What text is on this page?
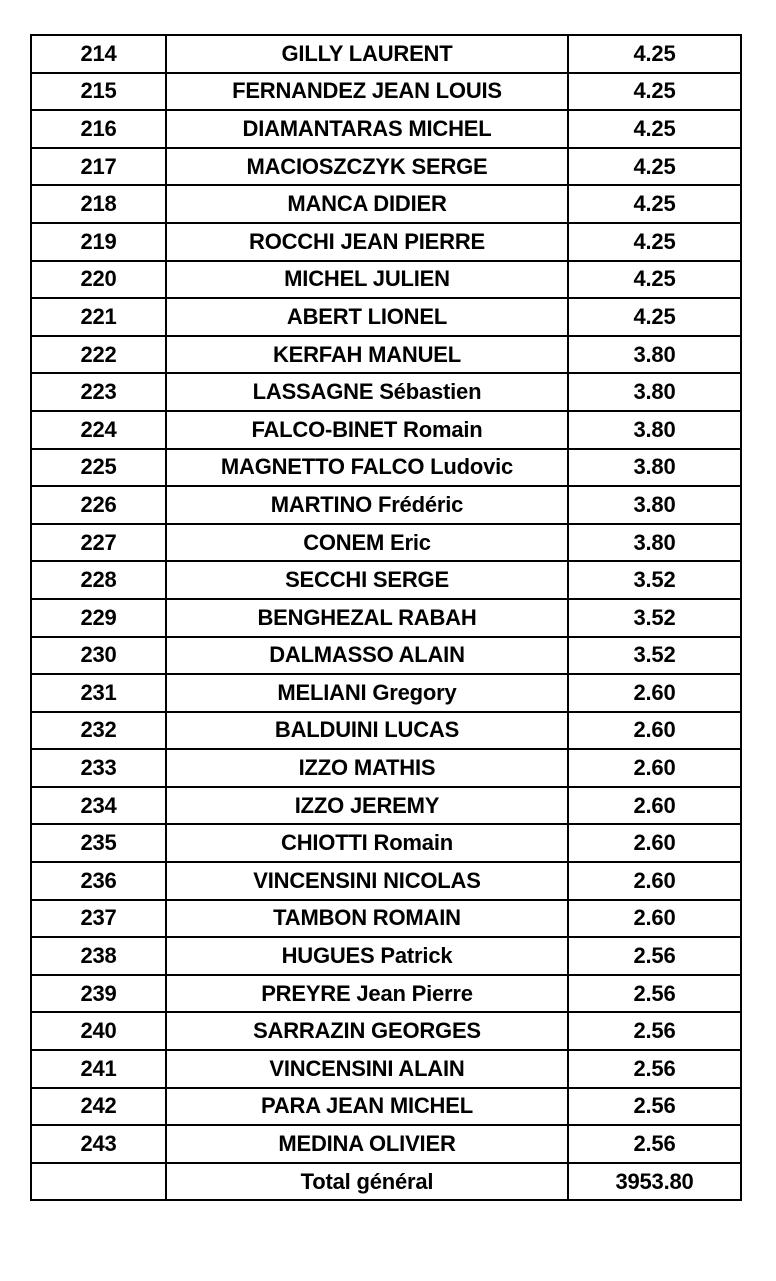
214	GILLY LAURENT	4.25
215	FERNANDEZ JEAN LOUIS	4.25
216	DIAMANTARAS MICHEL	4.25
217	MACIOSZCZYK SERGE	4.25
218	MANCA DIDIER	4.25
219	ROCCHI JEAN PIERRE	4.25
220	MICHEL JULIEN	4.25
221	ABERT LIONEL	4.25
222	KERFAH MANUEL	3.80
223	LASSAGNE Sébastien	3.80
224	FALCO-BINET Romain	3.80
225	MAGNETTO FALCO Ludovic	3.80
226	MARTINO Frédéric	3.80
227	CONEM Eric	3.80
228	SECCHI SERGE	3.52
229	BENGHEZAL RABAH	3.52
230	DALMASSO ALAIN	3.52
231	MELIANI Gregory	2.60
232	BALDUINI LUCAS	2.60
233	IZZO MATHIS	2.60
234	IZZO JEREMY	2.60
235	CHIOTTI Romain	2.60
236	VINCENSINI NICOLAS	2.60
237	TAMBON ROMAIN	2.60
238	HUGUES Patrick	2.56
239	PREYRE Jean Pierre	2.56
240	SARRAZIN GEORGES	2.56
241	VINCENSINI ALAIN	2.56
242	PARA JEAN MICHEL	2.56
243	MEDINA OLIVIER	2.56
	Total général	3953.80
